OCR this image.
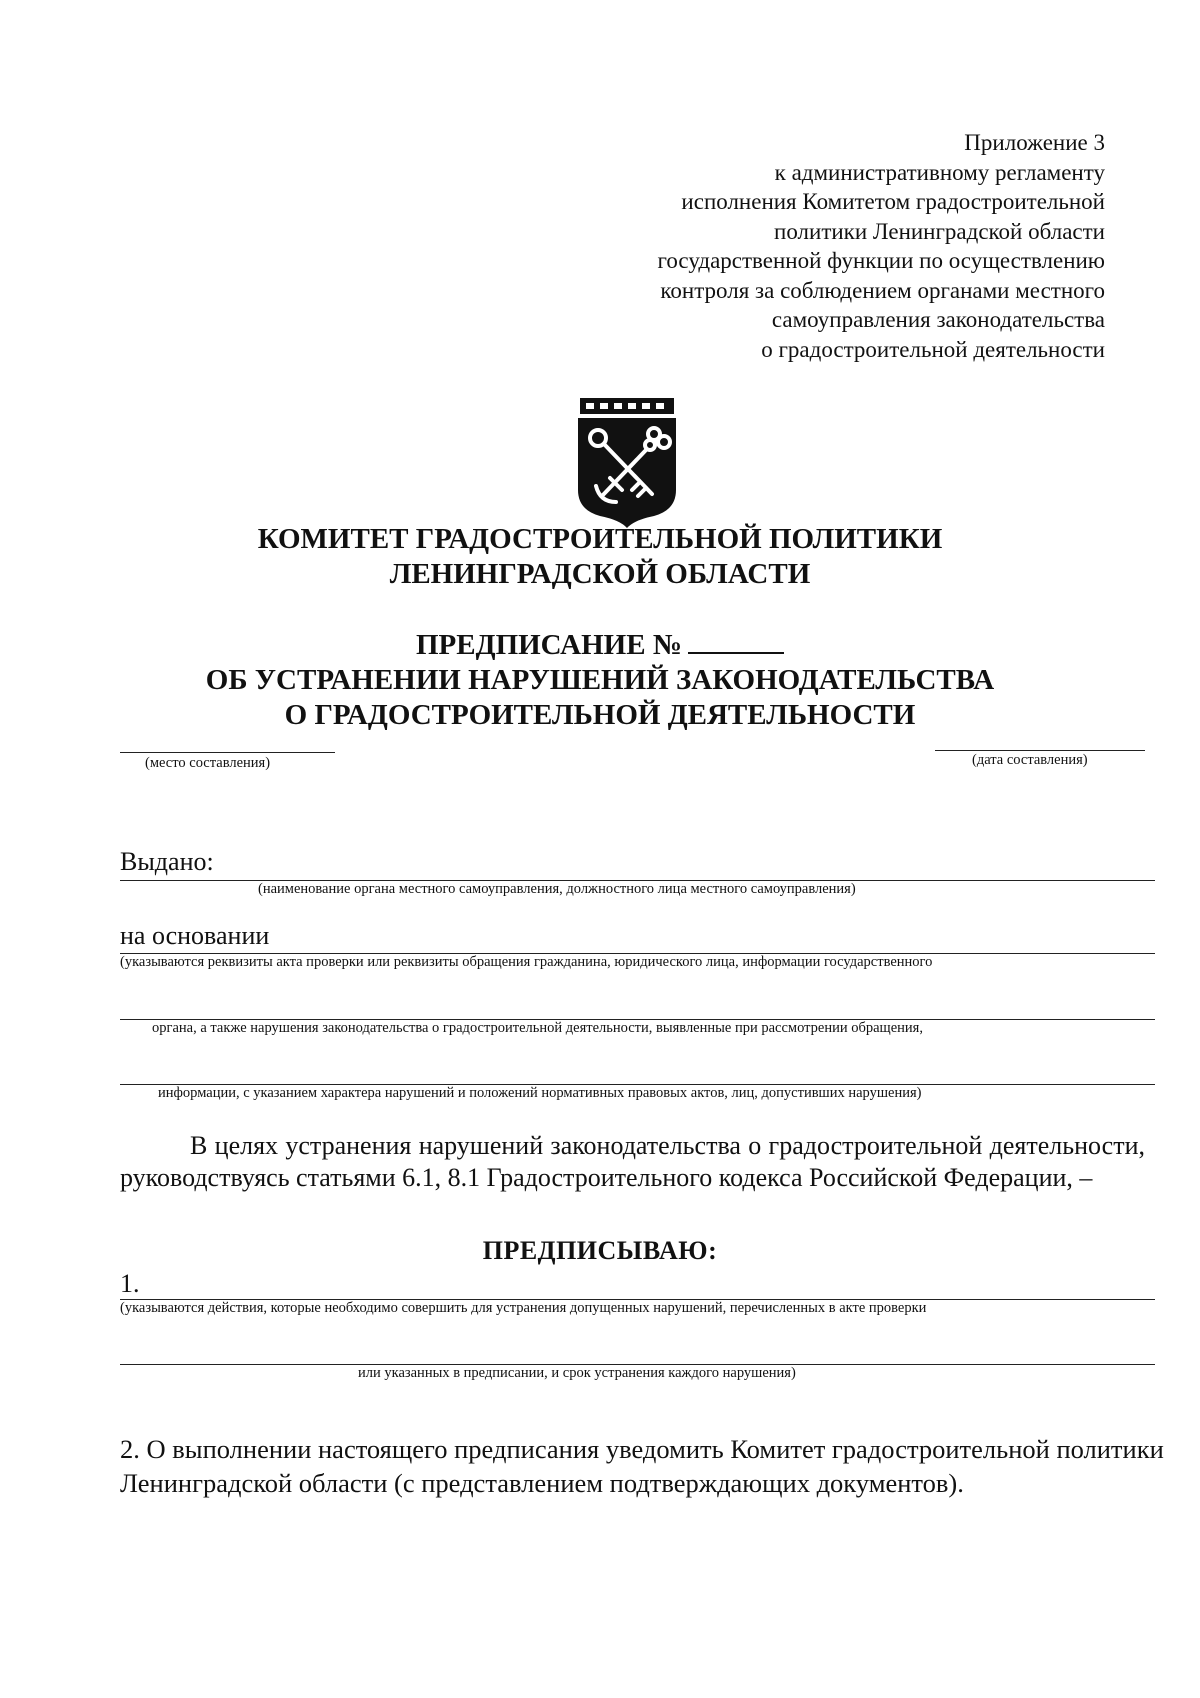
Приложение 3
к административному регламенту
исполнения Комитетом градостроительной
политики Ленинградской области
государственной функции по осуществлению
контроля за соблюдением органами местного
самоуправления законодательства
о градостроительной деятельности
КОМИТЕТ ГРАДОСТРОИТЕЛЬНОЙ ПОЛИТИКИ
ЛЕНИНГРАДСКОЙ ОБЛАСТИ
ПРЕДПИСАНИЕ №
ОБ УСТРАНЕНИИ НАРУШЕНИЙ ЗАКОНОДАТЕЛЬСТВА
О ГРАДОСТРОИТЕЛЬНОЙ ДЕЯТЕЛЬНОСТИ
(место составления)	(дата составления)
Выдано:
(наименование органа местного самоуправления, должностного лица местного самоуправления)
на основании
(указываются реквизиты акта проверки или реквизиты обращения гражданина, юридического лица, информации государственного
органа, а также нарушения законодательства о градостроительной деятельности, выявленные при рассмотрении обращения,
информации, с указанием характера нарушений и положений нормативных правовых актов, лиц, допустивших нарушения)
В целях устранения нарушений законодательства о градостроительной деятельности, руководствуясь статьями 6.1, 8.1 Градостроительного кодекса Российской Федерации, –
ПРЕДПИСЫВАЮ:
1.
(указываются действия, которые необходимо совершить для устранения допущенных нарушений, перечисленных в акте проверки
или указанных в предписании, и срок устранения каждого нарушения)
2. О выполнении настоящего предписания уведомить Комитет градостроительной политики Ленинградской области (с представлением подтверждающих документов).
